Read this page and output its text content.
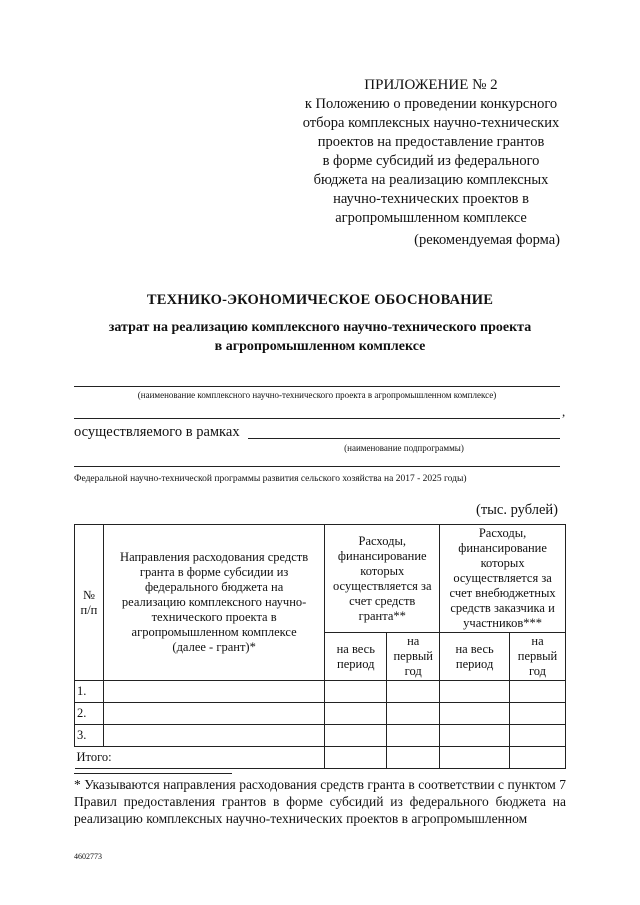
ПРИЛОЖЕНИЕ № 2
к Положению о проведении конкурсного
отбора комплексных научно-технических
проектов на предоставление грантов
в форме субсидий из федерального
бюджета на реализацию комплексных
научно-технических проектов в
агропромышленном комплексе
(рекомендуемая форма)
ТЕХНИКО-ЭКОНОМИЧЕСКОЕ ОБОСНОВАНИЕ
затрат на реализацию комплексного научно-технического проекта
в агропромышленном комплексе
(наименование комплексного научно-технического проекта в агропромышленном комплексе)
,
осуществляемого в рамках
(наименование подпрограммы)
Федеральной научно-технической программы развития сельского хозяйства на 2017 - 2025 годы)
(тыс. рублей)
№ п/п	Направления расходования средств гранта в форме субсидии из федерального бюджета на реализацию комплексного научно-технического проекта в агропромышленном комплексе (далее - грант)*	Расходы, финансирование которых осуществляется за счет средств гранта**		Расходы, финансирование которых осуществляется за счет внебюджетных средств заказчика и участников***	
		на весь период	на первый год	на весь период	на первый год
1.					
2.					
3.					
Итого:					
* Указываются направления расходования средств гранта в соответствии с пунктом 7 Правил предоставления грантов в форме субсидий из федерального бюджета на реализацию комплексных научно-технических проектов в агропромышленном
4602773
